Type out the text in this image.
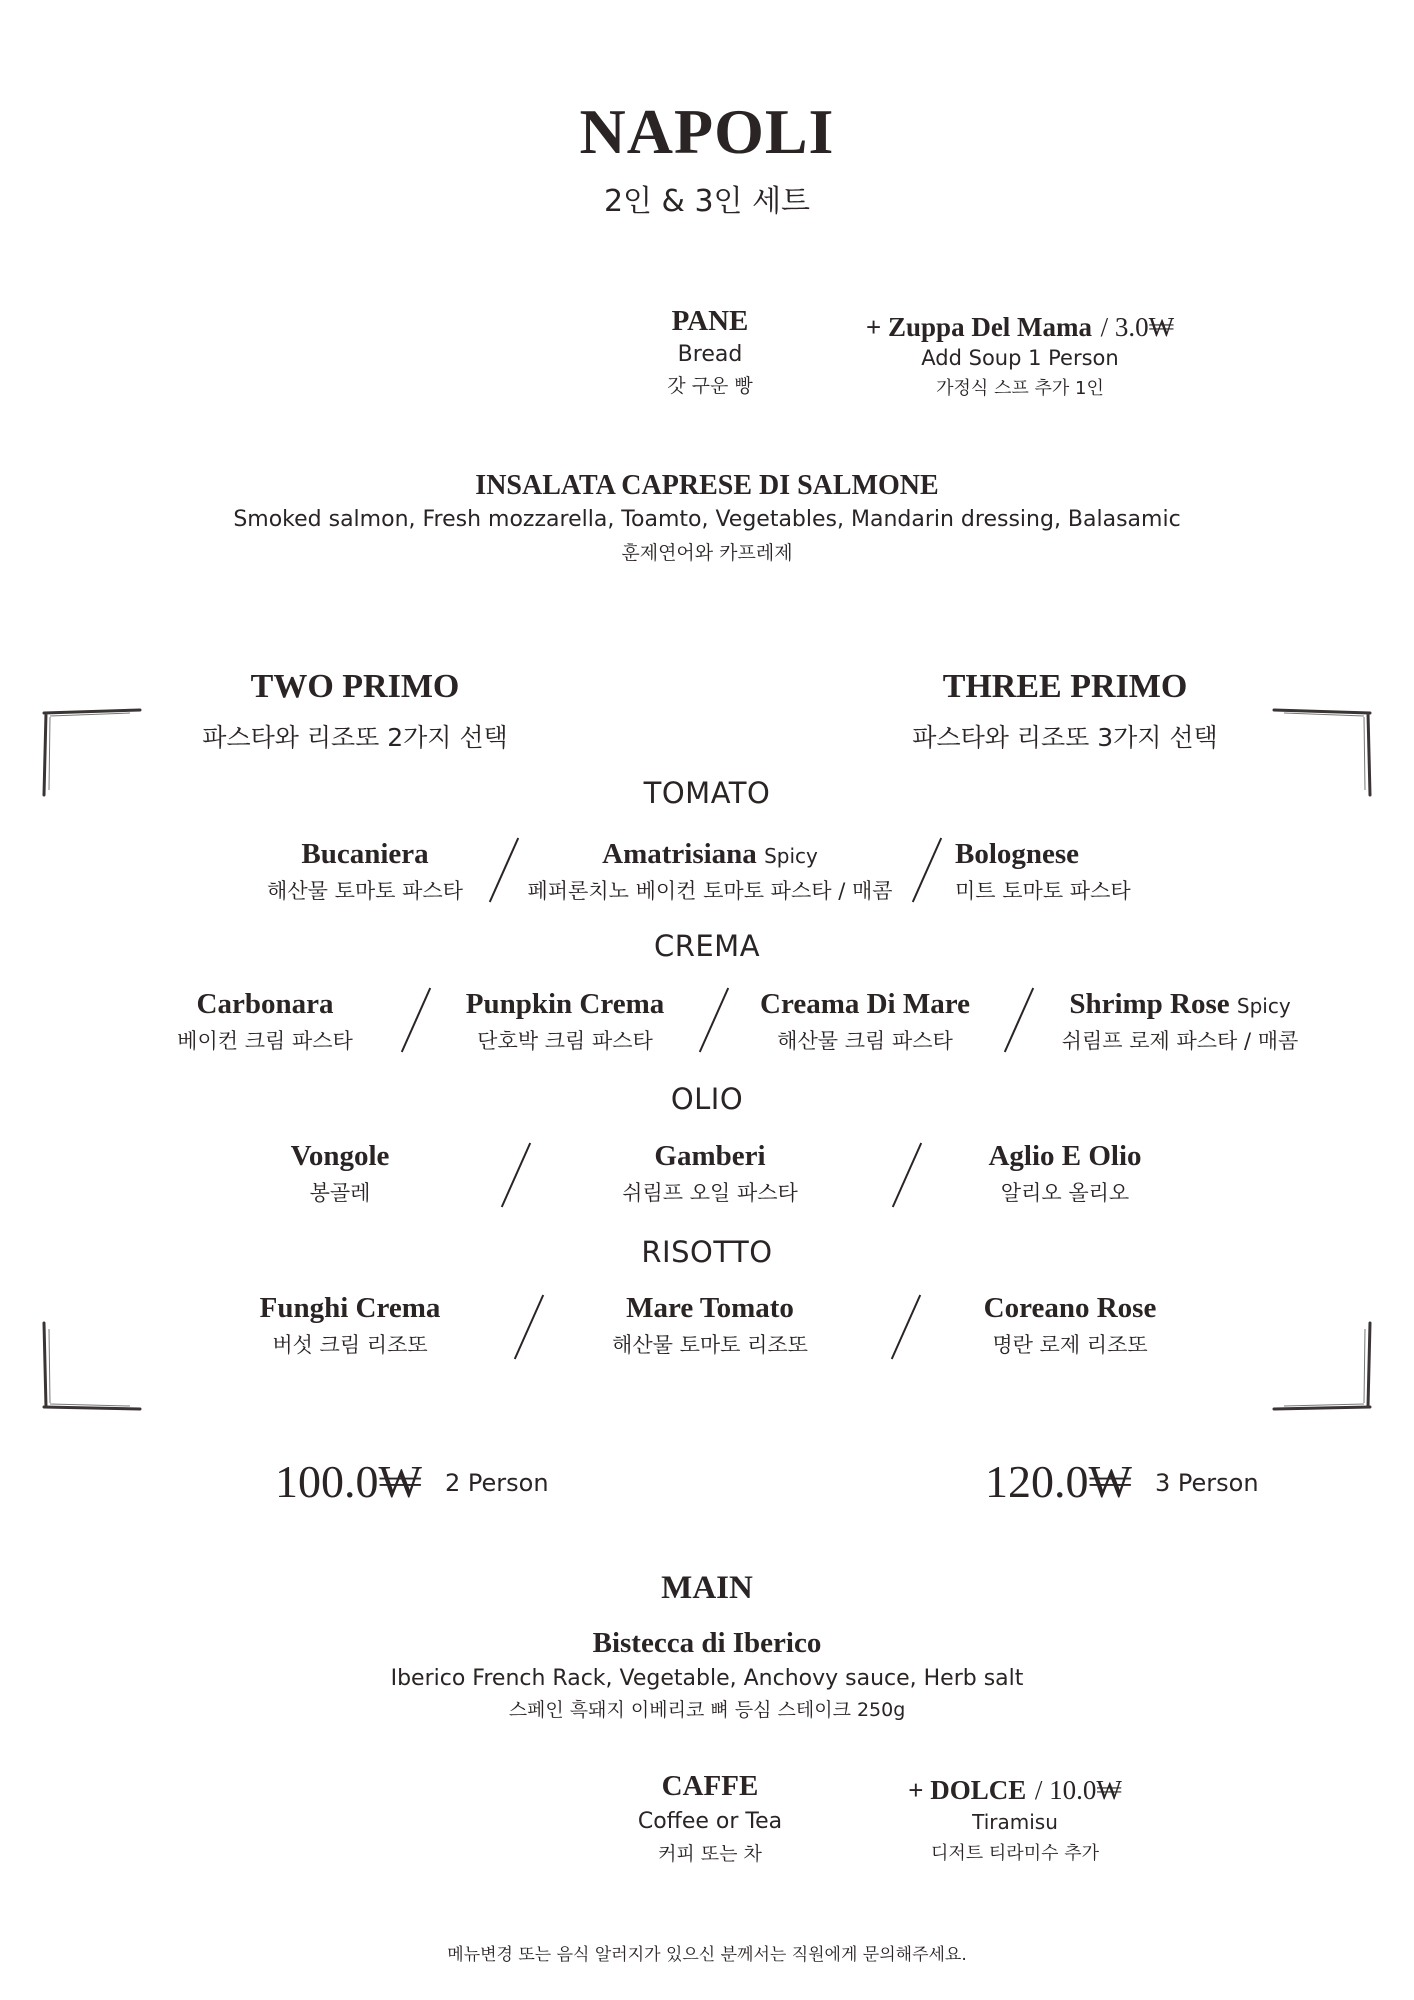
NAPOLI
2인 & 3인 세트
PANE
Bread
갓 구운 빵
+ Zuppa Del Mama / 3.0₩
Add Soup 1 Person
가정식 스프 추가 1인
INSALATA CAPRESE DI SALMONE
Smoked salmon, Fresh mozzarella, Toamto, Vegetables, Mandarin dressing, Balasamic
훈제연어와 카프레제
TWO PRIMO
파스타와 리조또 2가지 선택
THREE PRIMO
파스타와 리조또 3가지 선택
TOMATO
Bucaniera
해산물 토마토 파스타
Amatrisiana Spicy
페퍼론치노 베이컨 토마토 파스타 / 매콤
Bolognese
미트 토마토 파스타
CREMA
Carbonara
베이컨 크림 파스타
Punpkin Crema
단호박 크림 파스타
Creama Di Mare
해산물 크림 파스타
Shrimp Rose Spicy
쉬림프 로제 파스타 / 매콤
OLIO
Vongole
봉골레
Gamberi
쉬림프 오일 파스타
Aglio E Olio
알리오 올리오
RISOTTO
Funghi Crema
버섯 크림 리조또
Mare Tomato
해산물 토마토 리조또
Coreano Rose
명란 로제 리조또
100.0₩ 2 Person	120.0₩ 3 Person
MAIN
Bistecca di Iberico
Iberico French Rack, Vegetable, Anchovy sauce, Herb salt
스페인 흑돼지 이베리코 뼈 등심 스테이크 250g
CAFFE
Coffee or Tea
커피 또는 차
+ DOLCE / 10.0₩
Tiramisu
디저트 티라미수 추가
메뉴변경 또는 음식 알러지가 있으신 분께서는 직원에게 문의해주세요.
